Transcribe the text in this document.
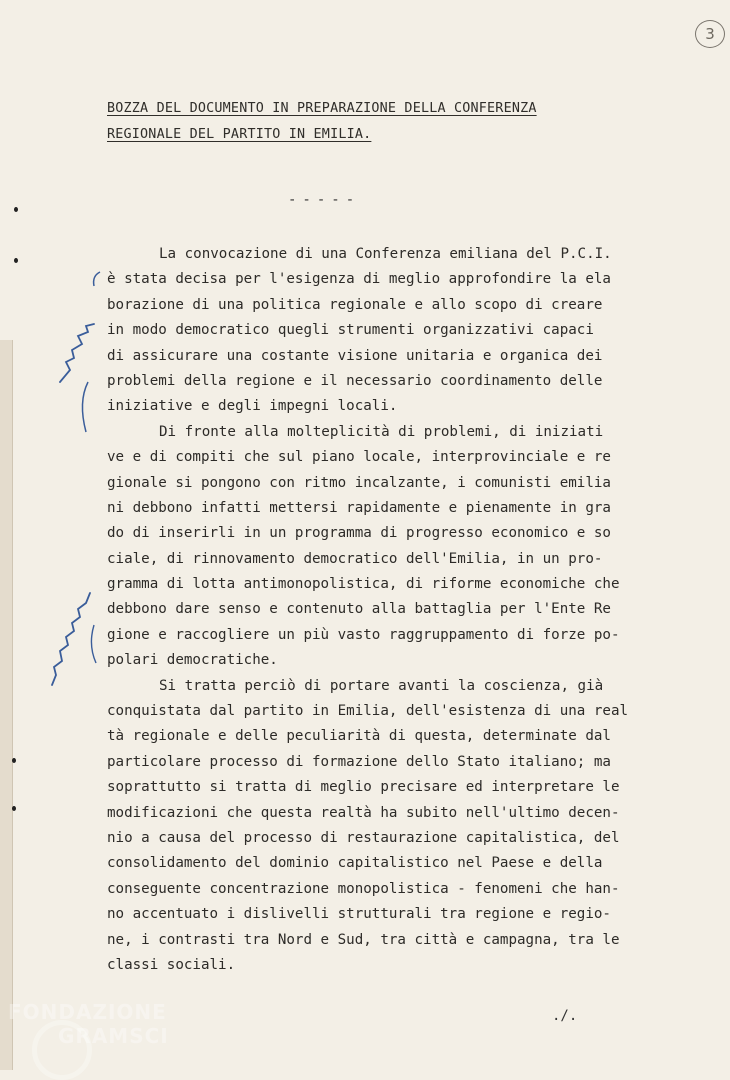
3
BOZZA DEL DOCUMENTO IN PREPARAZIONE DELLA CONFERENZA
REGIONALE DEL PARTITO IN EMILIA.
-----
La convocazione di una Conferenza emiliana del P.C.I.
è stata decisa per l'esigenza di meglio approfondire la ela
borazione di una politica regionale e allo scopo di creare
in modo democratico quegli strumenti organizzativi capaci
di assicurare una costante visione unitaria e organica dei
problemi della regione e il necessario coordinamento delle
iniziative e degli impegni locali.
Di fronte alla molteplicità di problemi, di iniziati
ve e di compiti che sul piano locale, interprovinciale e re
gionale si pongono con ritmo incalzante, i comunisti emilia
ni debbono infatti mettersi rapidamente e pienamente in gra
do di inserirli in un programma di progresso economico e so
ciale, di rinnovamento democratico dell'Emilia, in un pro-
gramma di lotta antimonopolistica, di riforme economiche che
debbono dare senso e contenuto alla battaglia per l'Ente Re
gione e raccogliere un più vasto raggruppamento di forze po-
polari democratiche.
Si tratta perciò di portare avanti la coscienza, già
conquistata dal partito in Emilia, dell'esistenza di una real
tà regionale e delle peculiarità di questa, determinate dal
particolare processo di formazione dello Stato italiano; ma
soprattutto si tratta di meglio precisare ed interpretare le
modificazioni che questa realtà ha subito nell'ultimo decen-
nio a causa del processo di restaurazione capitalistica, del
consolidamento del dominio capitalistico nel Paese e della
conseguente concentrazione monopolistica - fenomeni che han-
no accentuato i dislivelli strutturali tra regione e regio-
ne, i contrasti tra Nord e Sud, tra città e campagna, tra le
classi sociali.
./.
FONDAZIONE
GRAMSCI
